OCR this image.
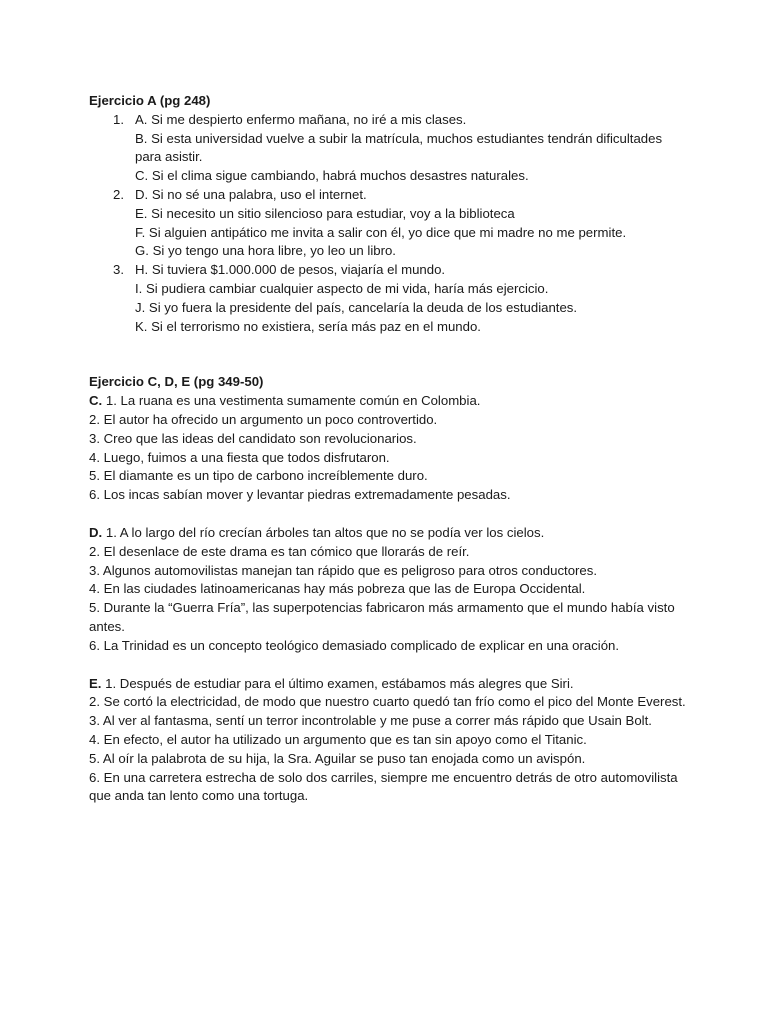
Ejercicio A (pg 248)
1. A. Si me despierto enfermo mañana, no iré a mis clases.
B. Si esta universidad vuelve a subir la matrícula, muchos estudiantes tendrán dificultades para asistir.
C. Si el clima sigue cambiando, habrá muchos desastres naturales.
2. D. Si no sé una palabra, uso el internet.
E. Si necesito un sitio silencioso para estudiar, voy a la biblioteca
F. Si alguien antipático me invita a salir con él, yo dice que mi madre no me permite.
G. Si yo tengo una hora libre, yo leo un libro.
3. H. Si tuviera $1.000.000 de pesos, viajaría el mundo.
I. Si pudiera cambiar cualquier aspecto de mi vida, haría más ejercicio.
J. Si yo fuera la presidente del país, cancelaría la deuda de los estudiantes.
K. Si el terrorismo no existiera, sería más paz en el mundo.
Ejercicio C, D, E (pg 349-50)
C. 1. La ruana es una vestimenta sumamente común en Colombia.
2. El autor ha ofrecido un argumento un poco controvertido.
3. Creo que las ideas del candidato son revolucionarios.
4. Luego, fuimos a una fiesta que todos disfrutaron.
5. El diamante es un tipo de carbono increíblemente duro.
6. Los incas sabían mover y levantar piedras extremadamente pesadas.
D. 1. A lo largo del río crecían árboles tan altos que no se podía ver los cielos.
2. El desenlace de este drama es tan cómico que llorarás de reír.
3. Algunos automovilistas manejan tan rápido que es peligroso para otros conductores.
4. En las ciudades latinoamericanas hay más pobreza que las de Europa Occidental.
5. Durante la “Guerra Fría”, las superpotencias fabricaron más armamento que el mundo había visto antes.
6. La Trinidad es un concepto teológico demasiado complicado de explicar en una oración.
E. 1. Después de estudiar para el último examen, estábamos más alegres que Siri.
2. Se cortó la electricidad, de modo que nuestro cuarto quedó tan frío como el pico del Monte Everest.
3. Al ver al fantasma, sentí un terror incontrolable y me puse a correr más rápido que Usain Bolt.
4. En efecto, el autor ha utilizado un argumento que es tan sin apoyo como el Titanic.
5. Al oír la palabrota de su hija, la Sra. Aguilar se puso tan enojada como un avispón.
6. En una carretera estrecha de solo dos carriles, siempre me encuentro detrás de otro automovilista que anda tan lento como una tortuga.
